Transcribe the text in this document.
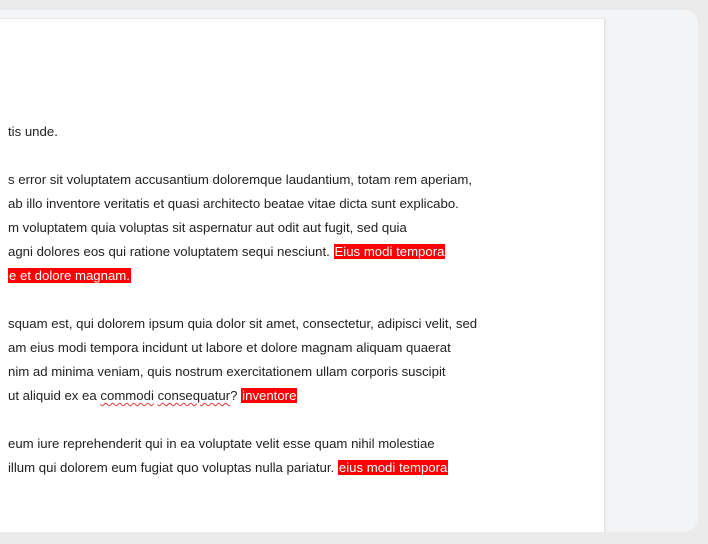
tis unde.
s error sit voluptatem accusantium doloremque laudantium, totam rem aperiam,
ab illo inventore veritatis et quasi architecto beatae vitae dicta sunt explicabo.
m voluptatem quia voluptas sit aspernatur aut odit aut fugit, sed quia
agni dolores eos qui ratione voluptatem sequi nesciunt. Eius modi tempora
e et dolore magnam.
squam est, qui dolorem ipsum quia dolor sit amet, consectetur, adipisci velit, sed
am eius modi tempora incidunt ut labore et dolore magnam aliquam quaerat
nim ad minima veniam, quis nostrum exercitationem ullam corporis suscipit
ut aliquid ex ea commodi consequatur? inventore
eum iure reprehenderit qui in ea voluptate velit esse quam nihil molestiae
illum qui dolorem eum fugiat quo voluptas nulla pariatur. eius modi tempora
